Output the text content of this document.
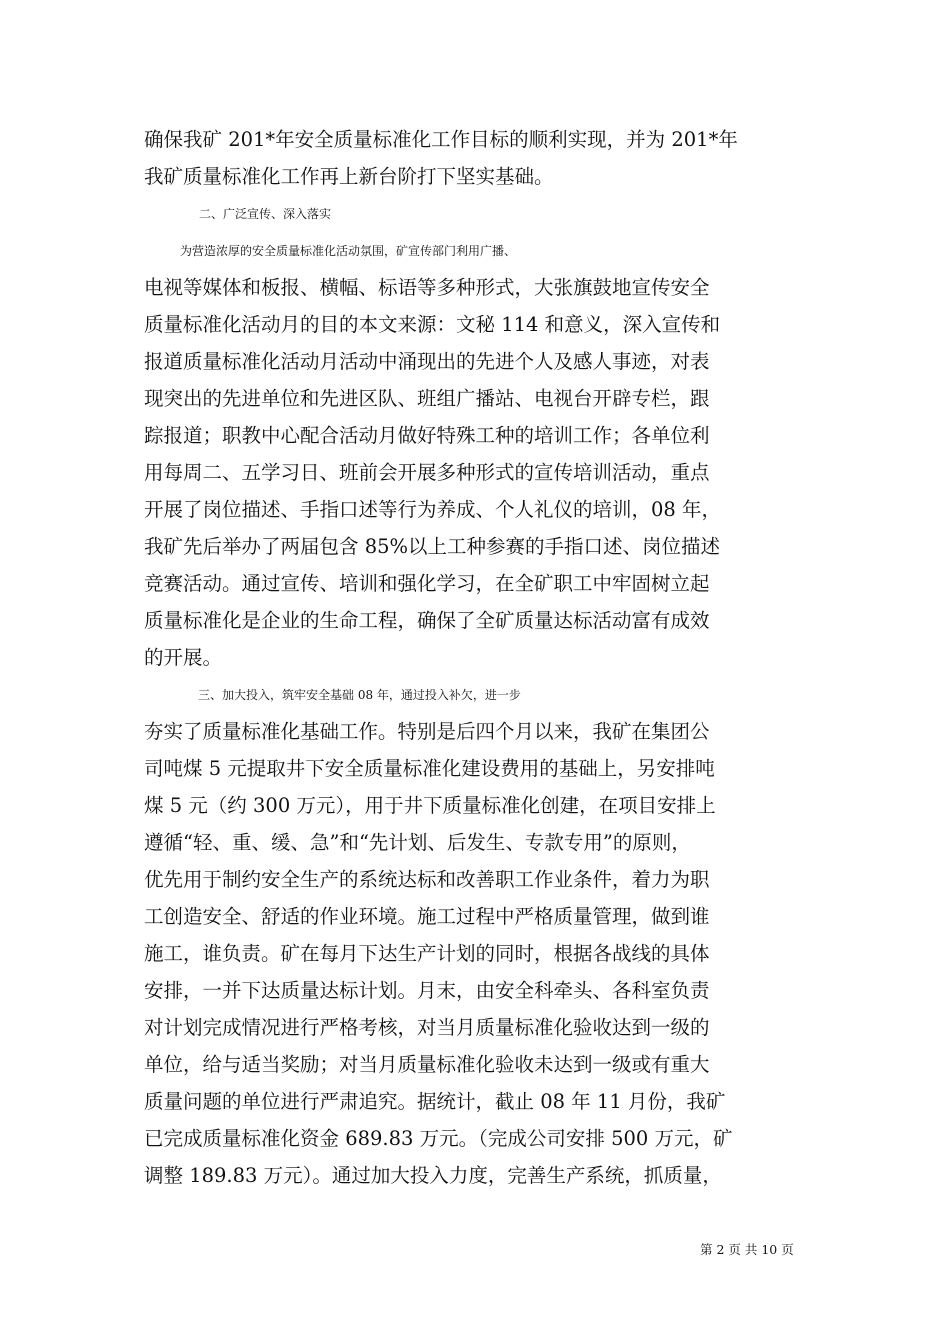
确保我矿 201*年安全质量标准化工作目标的顺利实现，并为 201*年
我矿质量标准化工作再上新台阶打下坚实基础。
二、广泛宣传、深入落实
为营造浓厚的安全质量标准化活动氛围，矿宣传部门利用广播、
电视等媒体和板报、横幅、标语等多种形式，大张旗鼓地宣传安全
质量标准化活动月的目的本文来源：文秘 114 和意义，深入宣传和
报道质量标准化活动月活动中涌现出的先进个人及感人事迹，对表
现突出的先进单位和先进区队、班组广播站、电视台开辟专栏，跟
踪报道；职教中心配合活动月做好特殊工种的培训工作；各单位利
用每周二、五学习日、班前会开展多种形式的宣传培训活动，重点
开展了岗位描述、手指口述等行为养成、个人礼仪的培训，08 年，
我矿先后举办了两届包含 85%以上工种参赛的手指口述、岗位描述
竞赛活动。通过宣传、培训和强化学习，在全矿职工中牢固树立起
质量标准化是企业的生命工程，确保了全矿质量达标活动富有成效
的开展。
三、加大投入，筑牢安全基础 08 年，通过投入补欠，进一步
夯实了质量标准化基础工作。特别是后四个月以来，我矿在集团公
司吨煤 5 元提取井下安全质量标准化建设费用的基础上，另安排吨
煤 5 元（约 300 万元），用于井下质量标准化创建，在项目安排上
遵循“轻、重、缓、急”和“先计划、后发生、专款专用”的原则，
优先用于制约安全生产的系统达标和改善职工作业条件，着力为职
工创造安全、舒适的作业环境。施工过程中严格质量管理，做到谁
施工，谁负责。矿在每月下达生产计划的同时，根据各战线的具体
安排，一并下达质量达标计划。月末，由安全科牵头、各科室负责
对计划完成情况进行严格考核，对当月质量标准化验收达到一级的
单位，给与适当奖励；对当月质量标准化验收未达到一级或有重大
质量问题的单位进行严肃追究。据统计，截止 08 年 11 月份，我矿
已完成质量标准化资金 689.83 万元。（完成公司安排 500 万元，矿
调整 189.83 万元）。通过加大投入力度，完善生产系统，抓质量，
第 2 页 共 10 页
